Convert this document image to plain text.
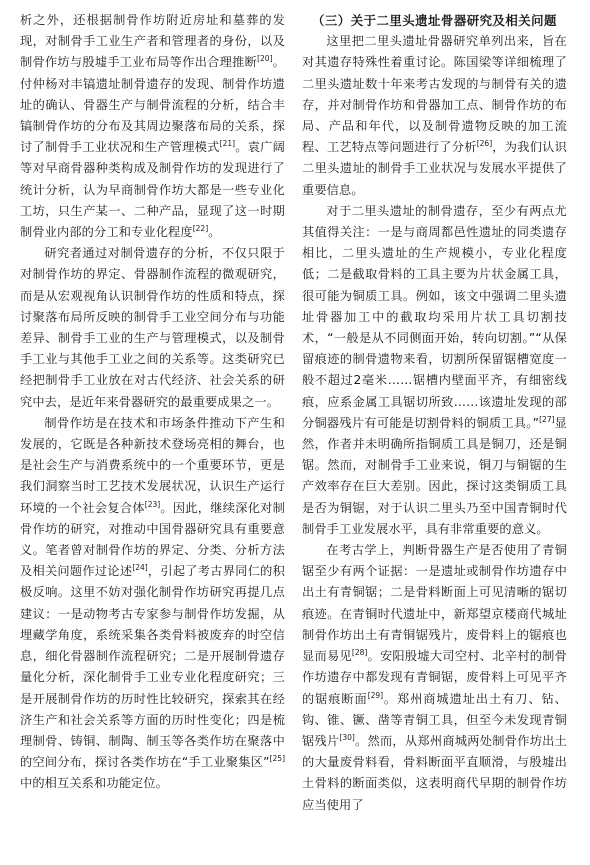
析之外，还根据制骨作坊附近房址和墓葬的发现，对制骨手工业生产者和管理者的身份，以及制骨作坊与殷墟手工业布局等作出合理推断[20]。付仲杨对丰镐遗址制骨遗存的发现、制骨作坊遗址的确认、骨器生产与制骨流程的分析，结合丰镐制骨作坊的分布及其周边聚落布局的关系，探讨了制骨手工业状况和生产管理模式[21]。袁广阔等对早商骨器种类构成及制骨作坊的发现进行了统计分析，认为早商制骨作坊大都是一些专业化工坊，只生产某一、二种产品，显现了这一时期制骨业内部的分工和专业化程度[22]。

研究者通过对制骨遗存的分析，不仅只限于对制骨作坊的界定、骨器制作流程的微观研究，而是从宏观视角认识制骨作坊的性质和特点，探讨聚落布局所反映的制骨手工业空间分布与功能差异、制骨手工业的生产与管理模式，以及制骨手工业与其他手工业之间的关系等。这类研究已经把制骨手工业放在对古代经济、社会关系的研究中去，是近年来骨器研究的最重要成果之一。

制骨作坊是在技术和市场条件推动下产生和发展的，它既是各种新技术登场亮相的舞台，也是社会生产与消费系统中的一个重要环节，更是我们洞察当时工艺技术发展状况，认识生产运行环境的一个社会复合体[23]。因此，继续深化对制骨作坊的研究，对推动中国骨器研究具有重要意义。笔者曾对制骨作坊的界定、分类、分析方法及相关问题作过论述[24]，引起了考古界同仁的积极反响。这里不妨对强化制骨作坊研究再提几点建议：一是动物考古专家参与制骨作坊发掘，从埋藏学角度，系统采集各类骨料被废弃的时空信息，细化骨器制作流程研究；二是开展制骨遗存量化分析，深化制骨手工业专业化程度研究；三是开展制骨作坊的历时性比较研究，探索其在经济生产和社会关系等方面的历时性变化；四是梳理制骨、铸铜、制陶、制玉等各类作坊在聚落中的空间分布，探讨各类作坊在“手工业聚集区”[25]中的相互关系和功能定位。

（三）关于二里头遗址骨器研究及相关问题

这里把二里头遗址骨器研究单列出来，旨在对其遗存特殊性着重讨论。陈国梁等详细梳理了二里头遗址数十年来考古发现的与制骨有关的遗存，并对制骨作坊和骨器加工点、制骨作坊的布局、产品和年代，以及制骨遗物反映的加工流程、工艺特点等问题进行了分析[26]，为我们认识二里头遗址的制骨手工业状况与发展水平提供了重要信息。

对于二里头遗址的制骨遗存，至少有两点尤其值得关注：一是与商周都邑性遗址的同类遗存相比，二里头遗址的生产规模小，专业化程度低；二是截取骨料的工具主要为片状金属工具，很可能为铜质工具。例如，该文中强调二里头遗址骨器加工中的截取均采用片状工具切割技术，“一般是从不同侧面开始，转向切割。”“从保留痕迹的制骨遗物来看，切割所保留锯槽宽度一般不超过2毫米……锯槽内壁面平齐，有细密线痕，应系金属工具锯切所致……该遗址发现的部分铜器残片有可能是切割骨料的铜质工具。”[27]显然，作者并未明确所指铜质工具是铜刀，还是铜锯。然而，对制骨手工业来说，铜刀与铜锯的生产效率存在巨大差别。因此，探讨这类铜质工具是否为铜锯，对于认识二里头乃至中国青铜时代制骨手工业发展水平，具有非常重要的意义。

在考古学上，判断骨器生产是否使用了青铜锯至少有两个证据：一是遗址或制骨作坊遗存中出土有青铜锯；二是骨料断面上可见清晰的锯切痕迹。在青铜时代遗址中，新郑望京楼商代城址制骨作坊出土有青铜锯残片，废骨料上的锯痕也显而易见[28]。安阳殷墟大司空村、北辛村的制骨作坊遗存中都发现有青铜锯，废骨料上可见平齐的锯痕断面[29]。郑州商城遗址出土有刀、钻、钩、锥、镢、凿等青铜工具，但至今未发现青铜锯残片[30]。然而，从郑州商城两处制骨作坊出土的大量废骨料看，骨料断面平直顺滑，与殷墟出土骨料的断面类似，这表明商代早期的制骨作坊应当使用了
